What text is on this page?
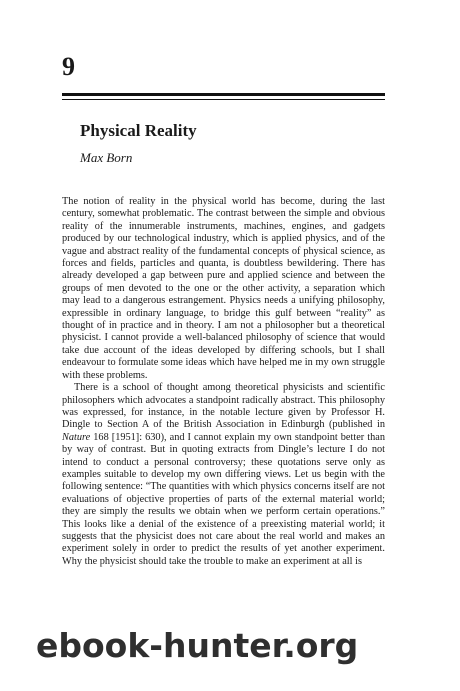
9
Physical Reality

Max Born

The notion of reality in the physical world has become, during the last century, somewhat problematic. The contrast between the simple and obvious reality of the innumerable instruments, machines, engines, and gadgets produced by our technological industry, which is applied physics, and of the vague and abstract reality of the fundamental concepts of physical science, as forces and fields, particles and quanta, is doubtless bewildering. There has already developed a gap between pure and applied science and between the groups of men devoted to the one or the other activity, a separation which may lead to a dangerous estrangement. Physics needs a unifying philosophy, expressible in ordinary language, to bridge this gulf between “reality” as thought of in practice and in theory. I am not a philosopher but a theoretical physicist. I cannot provide a well-balanced philosophy of science that would take due account of the ideas developed by differing schools, but I shall endeavour to formulate some ideas which have helped me in my own struggle with these problems.

There is a school of thought among theoretical physicists and scientific philosophers which advocates a standpoint radically abstract. This philosophy was expressed, for instance, in the notable lecture given by Professor H. Dingle to Section A of the British Association in Edinburgh (published in Nature 168 [1951]: 630), and I cannot explain my own standpoint better than by way of contrast. But in quoting extracts from Dingle’s lecture I do not intend to conduct a personal controversy; these quotations serve only as examples suitable to develop my own differing views. Let us begin with the following sentence: “The quantities with which physics concerns itself are not evaluations of objective properties of parts of the external material world; they are simply the results we obtain when we perform certain operations.” This looks like a denial of the existence of a preexisting material world; it suggests that the physicist does not care about the real world and makes an experiment solely in order to predict the results of yet another experiment. Why the physicist should take the trouble to make an experiment at all is

ebook-hunter.org
